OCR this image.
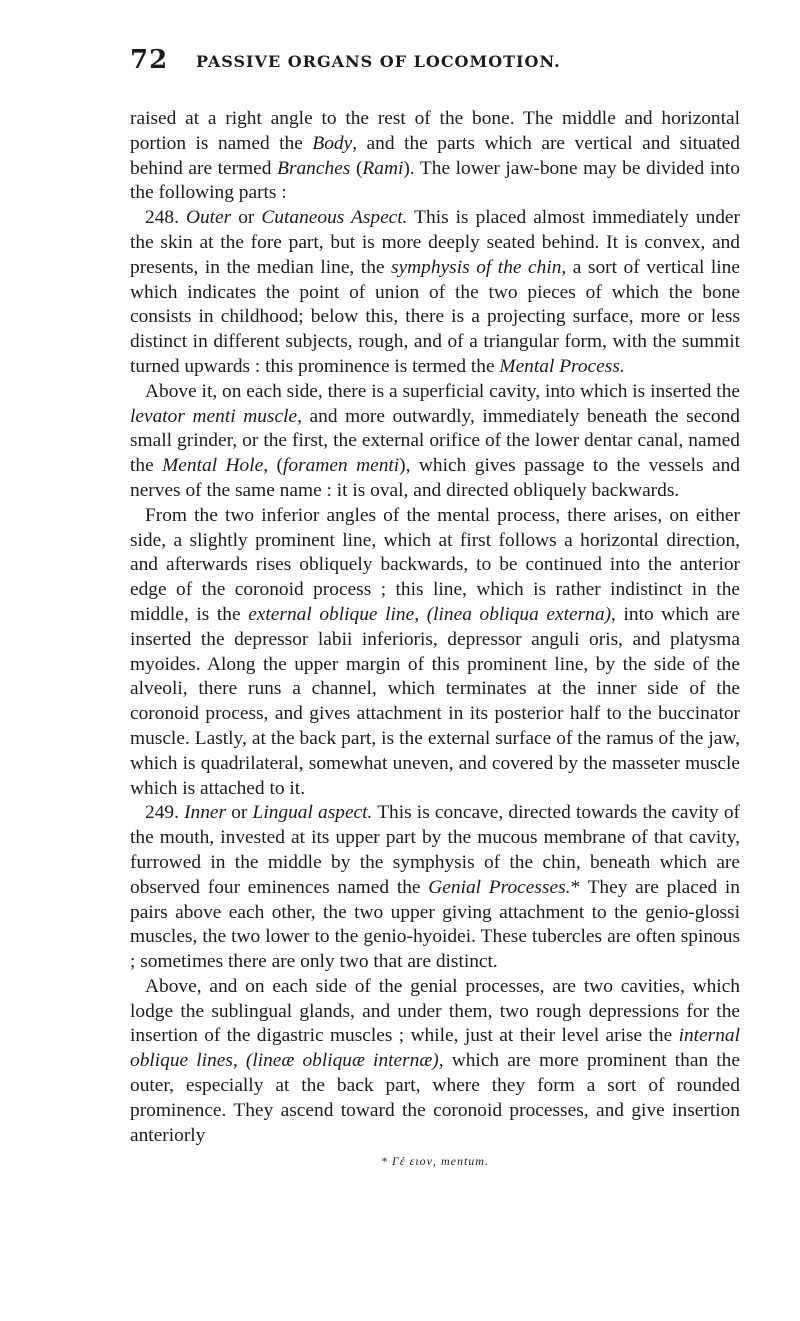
72 PASSIVE ORGANS OF LOCOMOTION.

raised at a right angle to the rest of the bone. The middle and horizontal portion is named the Body, and the parts which are vertical and situated behind are termed Branches (Rami). The lower jaw-bone may be divided into the following parts :

248. Outer or Cutaneous Aspect. This is placed almost immediately under the skin at the fore part, but is more deeply seated behind. It is convex, and presents, in the median line, the symphysis of the chin, a sort of vertical line which indicates the point of union of the two pieces of which the bone consists in childhood; below this, there is a projecting surface, more or less distinct in different subjects, rough, and of a triangular form, with the summit turned upwards : this prominence is termed the Mental Process.

Above it, on each side, there is a superficial cavity, into which is inserted the levator menti muscle, and more outwardly, immediately beneath the second small grinder, or the first, the external orifice of the lower dentar canal, named the Mental Hole, (foramen menti), which gives passage to the vessels and nerves of the same name : it is oval, and directed obliquely backwards.

From the two inferior angles of the mental process, there arises, on either side, a slightly prominent line, which at first follows a horizontal direction, and afterwards rises obliquely backwards, to be continued into the anterior edge of the coronoid process ; this line, which is rather indistinct in the middle, is the external oblique line, (linea obliqua externa), into which are inserted the depressor labii inferioris, depressor anguli oris, and platysma myoides. Along the upper margin of this prominent line, by the side of the alveoli, there runs a channel, which terminates at the inner side of the coronoid process, and gives attachment in its posterior half to the buccinator muscle. Lastly, at the back part, is the external surface of the ramus of the jaw, which is quadrilateral, somewhat uneven, and covered by the masseter muscle which is attached to it.

249. Inner or Lingual aspect. This is concave, directed towards the cavity of the mouth, invested at its upper part by the mucous membrane of that cavity, furrowed in the middle by the symphysis of the chin, beneath which are observed four eminences named the Genial Processes.* They are placed in pairs above each other, the two upper giving attachment to the genio-glossi muscles, the two lower to the genio-hyoidei. These tubercles are often spinous ; sometimes there are only two that are distinct.

Above, and on each side of the genial processes, are two cavities, which lodge the sublingual glands, and under them, two rough depressions for the insertion of the digastric muscles ; while, just at their level arise the internal oblique lines, (lineæ obliquæ internæ), which are more prominent than the outer, especially at the back part, where they form a sort of rounded prominence. They ascend toward the coronoid processes, and give insertion anteriorly

* Γέ ειον, mentum.
